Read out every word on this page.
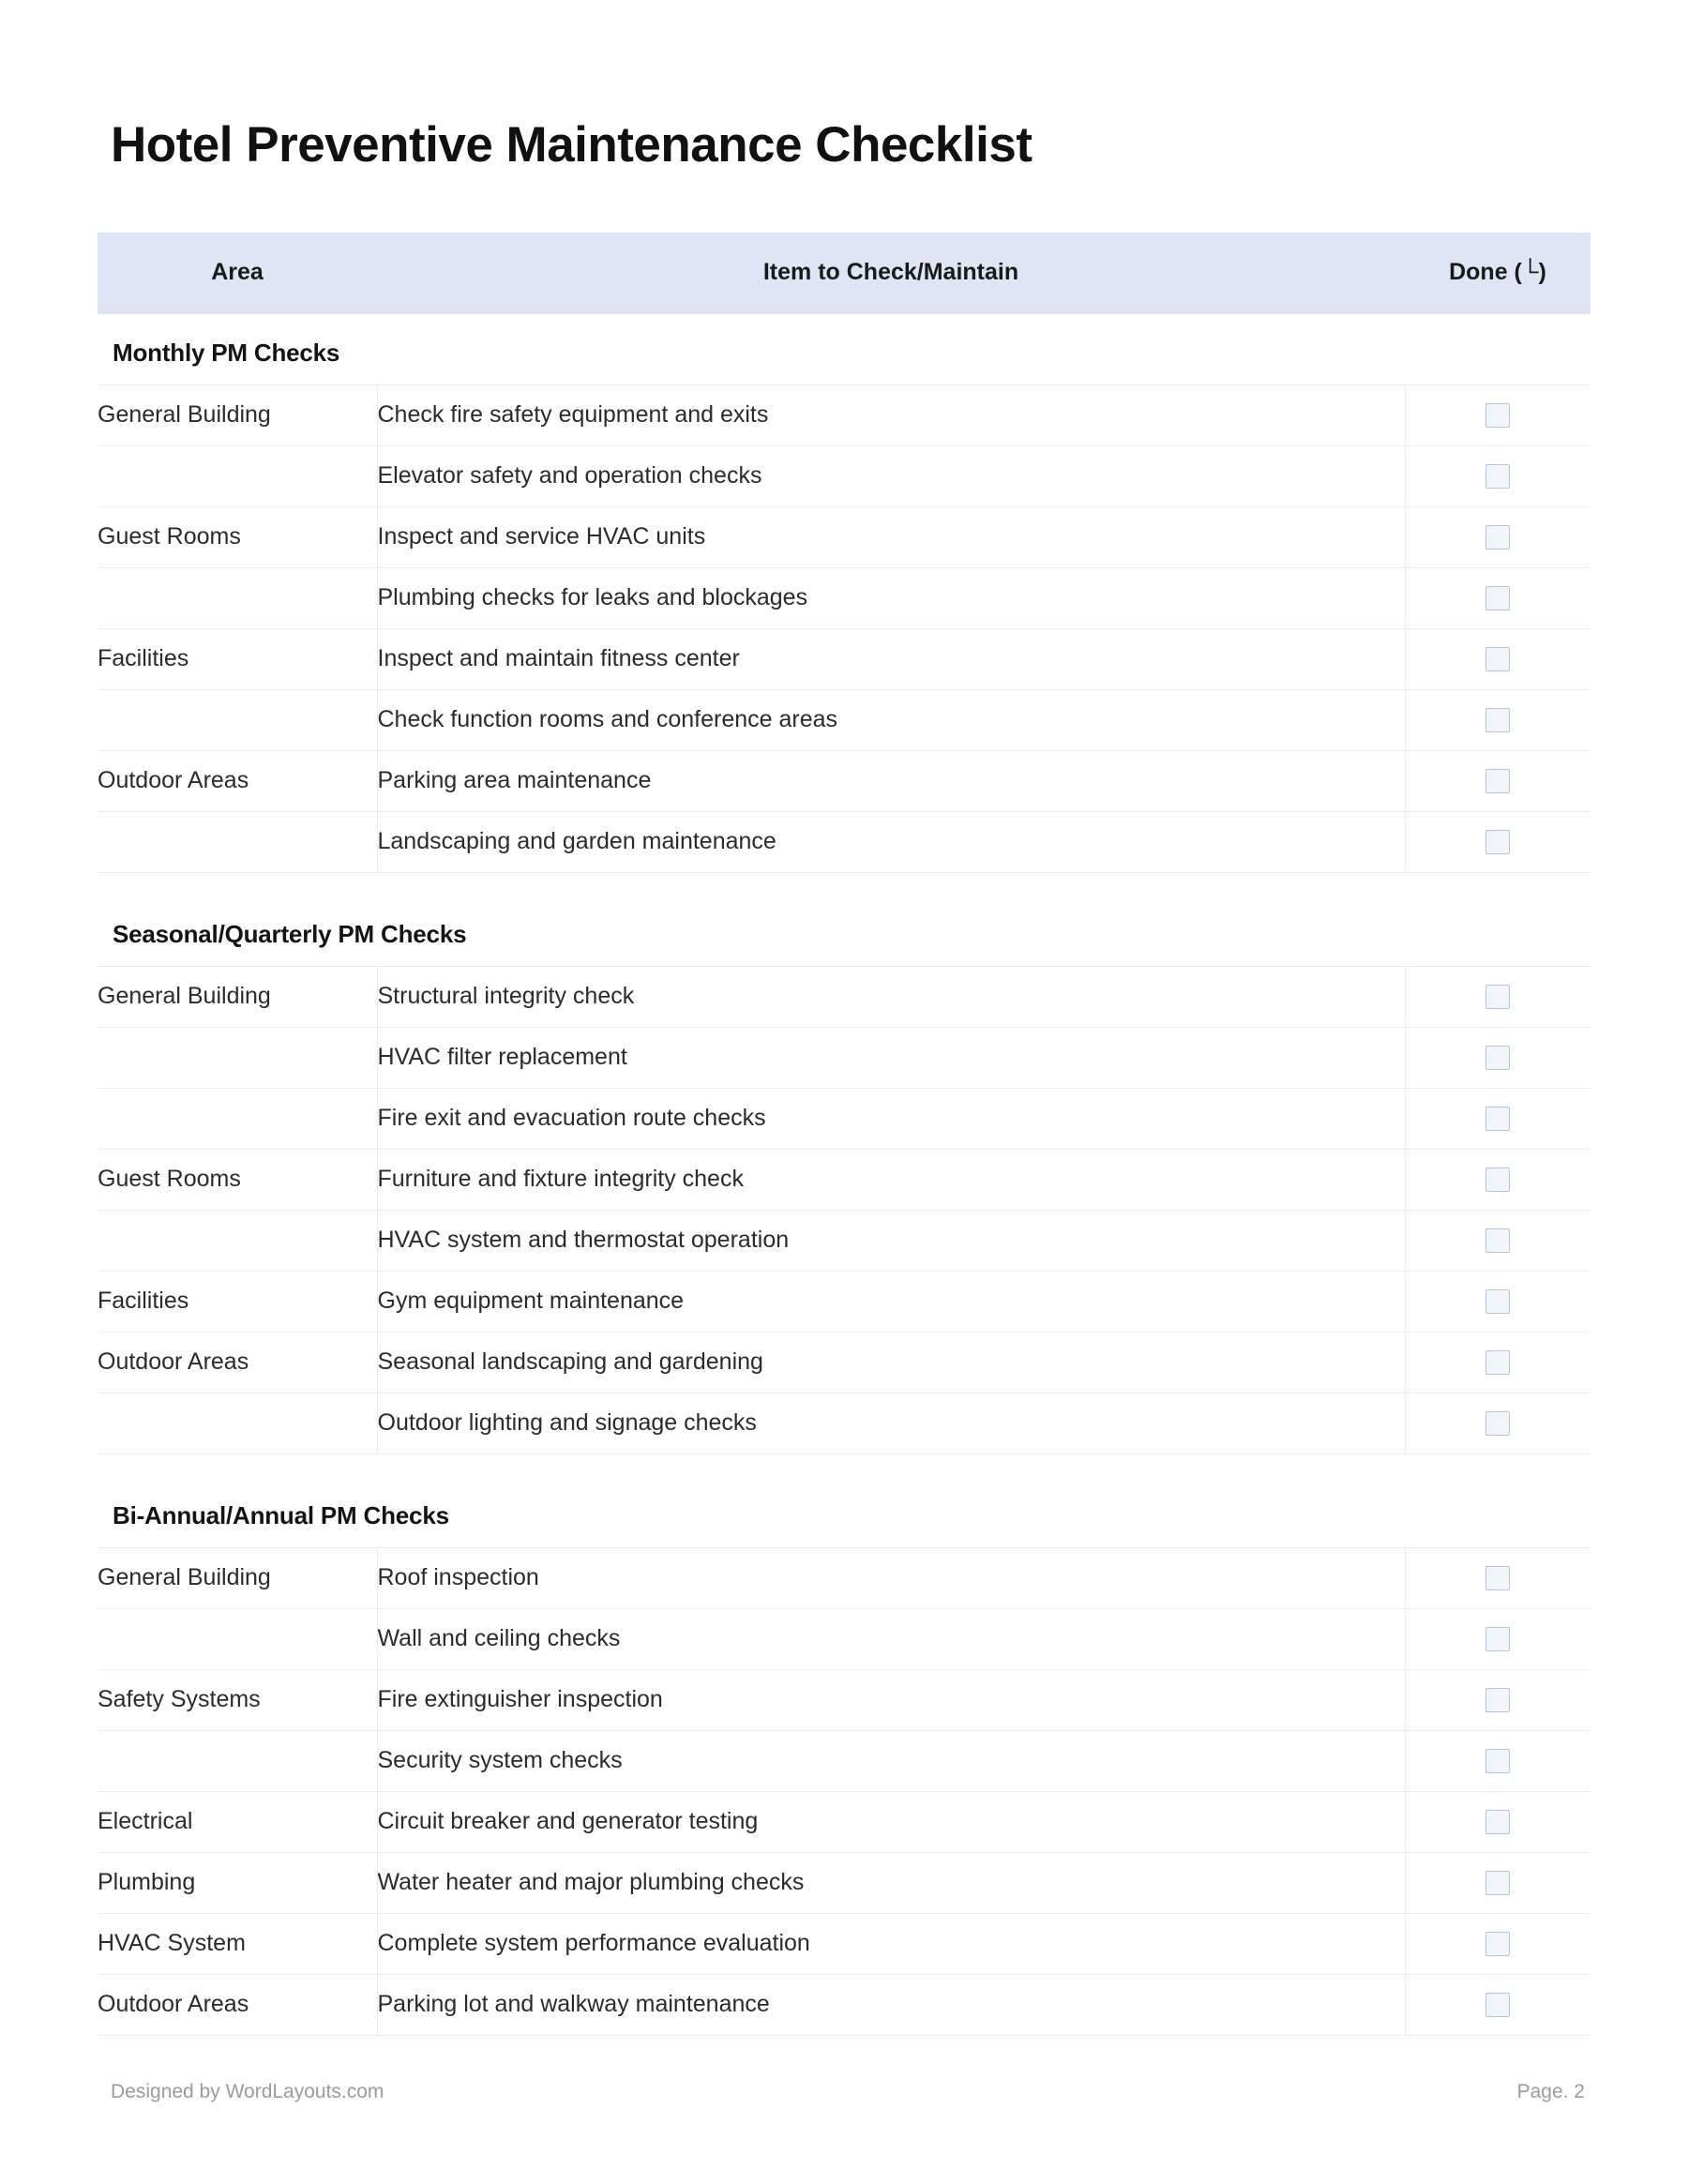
Hotel Preventive Maintenance Checklist
Area	Item to Check/Maintain	Done (└)
Monthly PM Checks		
General Building	Check fire safety equipment and exits	
	Elevator safety and operation checks	
Guest Rooms	Inspect and service HVAC units	
	Plumbing checks for leaks and blockages	
Facilities	Inspect and maintain fitness center	
	Check function rooms and conference areas	
Outdoor Areas	Parking area maintenance	
	Landscaping and garden maintenance	

Seasonal/Quarterly PM Checks		
General Building	Structural integrity check	
	HVAC filter replacement	
	Fire exit and evacuation route checks	
Guest Rooms	Furniture and fixture integrity check	
	HVAC system and thermostat operation	
Facilities	Gym equipment maintenance	
Outdoor Areas	Seasonal landscaping and gardening	
	Outdoor lighting and signage checks	

Bi-Annual/Annual PM Checks		
General Building	Roof inspection	
	Wall and ceiling checks	
Safety Systems	Fire extinguisher inspection	
	Security system checks	
Electrical	Circuit breaker and generator testing	
Plumbing	Water heater and major plumbing checks	
HVAC System	Complete system performance evaluation	
Outdoor Areas	Parking lot and walkway maintenance	
Designed by WordLayouts.com	Page. 2
